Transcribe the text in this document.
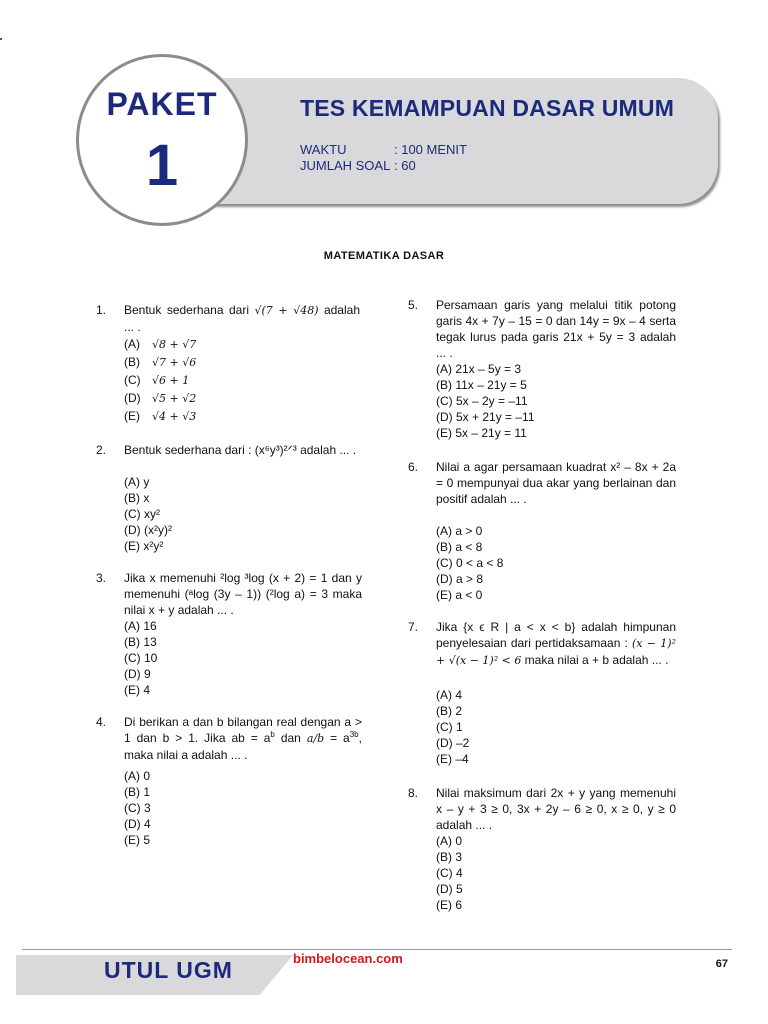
PAKET
1
TES KEMAMPUAN DASAR UMUM
WAKTU	: 100 MENIT
JUMLAH SOAL : 60
MATEMATIKA DASAR
1. Bentuk sederhana dari √(7 + √48) adalah ... .
(A) √8 + √7
(B) √7 + √6
(C) √6 + 1
(D) √5 + √2
(E) √4 + √3
2. Bentuk sederhana dari : (x⁶y³)²ᐟ³ adalah ... .
(A) y
(B) x
(C) xy²
(D) (x²y)²
(E) x²y²
3. Jika x memenuhi ²log ³log (x + 2) = 1 dan y memenuhi (ᵃlog (3y – 1)) (²log a) = 3 maka nilai x + y adalah ... .
(A) 16
(B) 13
(C) 10
(D) 9
(E) 4
4. Di berikan a dan b bilangan real dengan a > 1 dan b > 1. Jika ab = $a^b$ dan $a/b = a^{3b}$, maka nilai a adalah ... .
(A) 0
(B) 1
(C) 3
(D) 4
(E) 5
5. Persamaan garis yang melalui titik potong garis 4x + 7y – 15 = 0 dan 14y = 9x – 4 serta tegak lurus pada garis 21x + 5y = 3 adalah ... .
(A) 21x – 5y = 3
(B) 11x – 21y = 5
(C) 5x – 2y = –11
(D) 5x + 21y = –11
(E) 5x – 21y = 11
6. Nilai a agar persamaan kuadrat x² – 8x + 2a = 0 mempunyai dua akar yang berlainan dan positif adalah ... .
(A) a > 0
(B) a < 8
(C) 0 < a < 8
(D) a > 8
(E) a < 0
7. Jika {x ϵ R | a < x < b} adalah himpunan penyelesaian dari pertidaksamaan : (x − 1)² + √(x − 1)² < 6 maka nilai a + b adalah ... .
(A) 4
(B) 2
(C) 1
(D) –2
(E) –4
8. Nilai maksimum dari 2x + y yang memenuhi x – y + 3 ≥ 0, 3x + 2y – 6 ≥ 0, x ≥ 0, y ≥ 0 adalah ... .
(A) 0
(B) 3
(C) 4
(D) 5
(E) 6
UTUL UGM	bimbelocean.com	67
